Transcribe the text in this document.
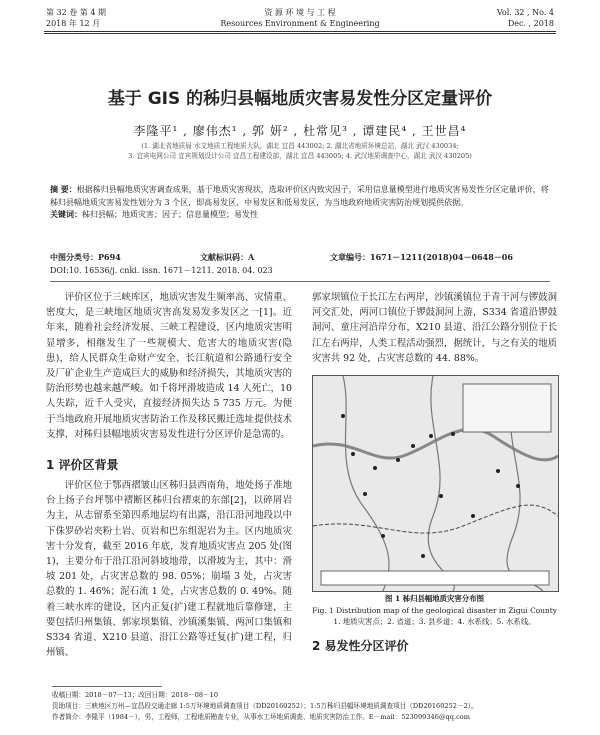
第 32 卷 第 4 期
2018 年 12 月
资 源 环 境 与 工 程
Resources Environment & Engineering
Vol. 32 , No. 4
Dec. , 2018
基于 GIS 的秭归县幅地质灾害易发性分区定量评价
李隆平¹ , 廖伟杰¹ , 郭 妍² , 杜常见³ , 谭建民⁴ , 王世昌⁴
(1. 湖北省地质局 水文地质工程地质大队，湖北 宜昌 443002; 2. 湖北省地质环境总站，湖北 武汉 430034;
3. 宜宾电网公司 宜宾规划设计公司 宜昌工程建设部，湖北 宜昌 443005; 4. 武汉地质调查中心，湖北 武汉 430205)
摘 要：根据秭归县幅地质灾害调查成果，基于地质灾害现状，选取评价区内致灾因子，采用信息量模型进行地质灾害易发性分区定量评价，将秭归县幅地质灾害易发性划分为 3 个区，即高易发区、中易发区和低易发区，为当地政府地质灾害防治规划提供依据。
关键词：秭归县幅；地质灾害；因子；信息量模型；易发性
中图分类号：P694	文献标识码：A	文章编号：1671－1211(2018)04－0648－06
DOI:10. 16536/j. cnki. issn. 1671－1211. 2018. 04. 023

评价区位于三峡库区，地质灾害发生频率高、灾情重、密度大，是三峡地区地质灾害高发易发多发区之一[1]。近年来，随着社会经济发展、三峡工程建设，区内地质灾害明显增多，相继发生了一些规模大、危害大的地质灾害(隐患)，给人民群众生命财产安全、长江航道和公路通行安全及厂矿企业生产造成巨大的威胁和经济损失，其地质灾害的防治形势也越来越严峻。如千将坪滑坡造成 14 人死亡，10 人失踪，近千人受灾，直接经济损失达 5 735 万元。为便于当地政府开展地质灾害防治工作及移民搬迁选址提供技术支撑，对秭归县幅地质灾害易发性进行分区评价是急需的。

1 评价区背景

评价区位于鄂西褶皱山区秭归县西南角，地处扬子准地台上扬子台坪鄂中褶断区秭归台褶束的东部[2]，以碎屑岩为主，从志留系至第四系地层均有出露，沿江沿河地段以中下侏罗砂岩夹粉土岩、页岩和巴东组泥岩为主。区内地质灾害十分发育，截至 2016 年底，发育地质灾害点 205 处(图 1)，主要分布于沿江沿河斜坡地带，以滑坡为主，其中：滑坡 201 处，占灾害总数的 98. 05%；崩塌 3 处，占灾害总数的 1. 46%；泥石流 1 处，占灾害总数的 0. 49%。随着三峡水库的建设，区内正复(扩)建工程就地后靠修建，主要包括归州集镇、郭家坝集镇、沙镇溪集镇、两河口集镇和 S334 省道、X210 县道、沿江公路等迁复(扩)建工程，归州镇、

郭家坝镇位于长江左右两岸，沙镇溪镇位于青干河与锣鼓洞河交汇处，两河口镇位于锣鼓洞河上游，S334 省道沿锣鼓洞河、童庄河沿岸分布，X210 县道、沿江公路分别位于长江左右两岸，人类工程活动强烈，据统计，与之有关的地质灾害共 92 处，占灾害总数的 44. 88%。

图 1 秭归县幅地质灾害分布图
Fig. 1 Distribution map of the geological disaster in Zigui County
1. 地质灾害点；2. 省道；3. 县乡道；4. 水系线；5. 水系线。
2 易发性分区评价
收稿日期：2018－07－13；改回日期：2018－08－10
资助项目：三峡地区万州—宜昌段交通走廊 1:5万环境地质调查项目（DD20160252）；1:5万秭归县幅环境地质调查项目（DD20160252－2）。
作者简介：李隆平（1984－），男，工程师，工程地质勘查专业，从事水工环地质调查、地质灾害防治工作。E－mail：523099346@qq.com
